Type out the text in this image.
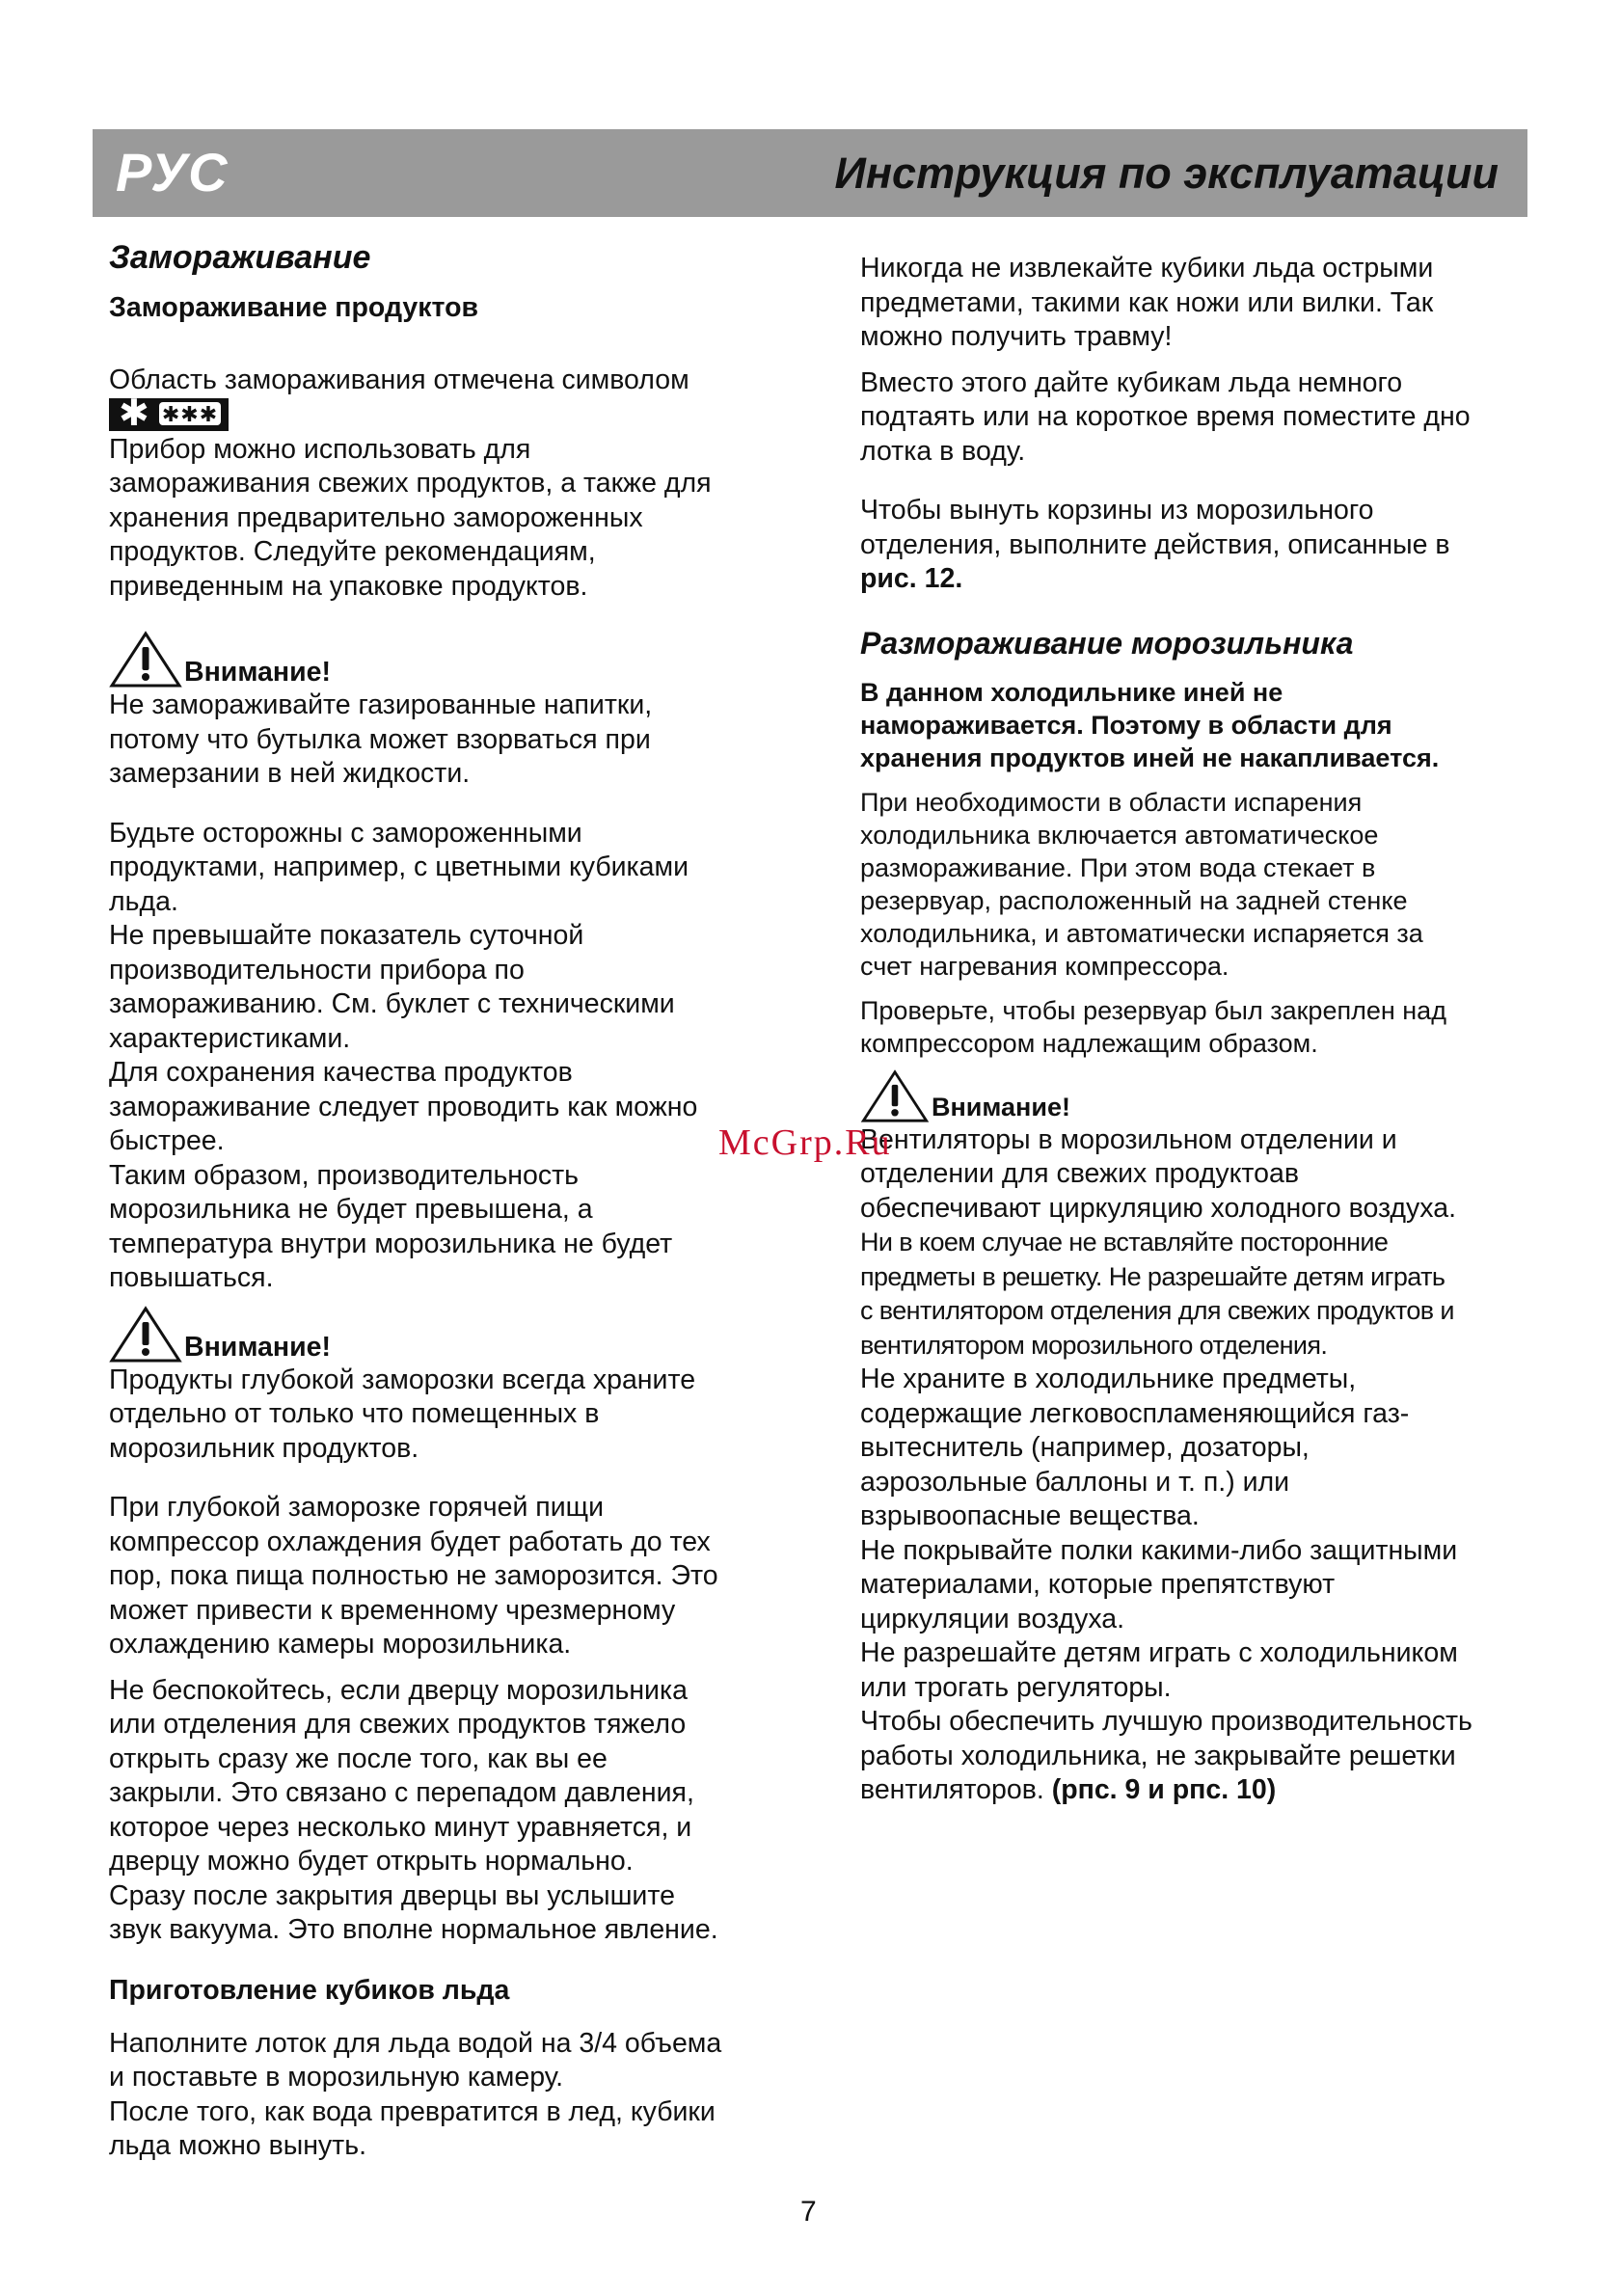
РУС	Инструкция по эксплуатации
Замораживание
Замораживание продуктов

Область замораживания отмечена символом

✱ ✱✱✱

Прибор можно использовать для

замораживания свежих продуктов, а также для

хранения предварительно замороженных

продуктов. Следуйте рекомендациям,

приведенным на упаковке продуктов.

Внимание!

Не замораживайте газированные напитки,

потому что бутылка может взорваться при

замерзании в ней жидкости.

Будьте осторожны с замороженными

продуктами, например, с цветными кубиками

льда.

Не превышайте показатель суточной

производительности прибора по

замораживанию. См. буклет с техническими

характеристиками.

Для сохранения качества продуктов

замораживание следует проводить как можно

быстрее.

Таким образом, производительность

морозильника не будет превышена, а

температура внутри морозильника не будет

повышаться.

Внимание!

Продукты глубокой заморозки всегда храните

отдельно от только что помещенных в

морозильник продуктов.

При глубокой заморозке горячей пищи

компрессор охлаждения будет работать до тех

пор, пока пища полностью не заморозится. Это

может привести к временному чрезмерному

охлаждению камеры морозильника.

Не беспокойтесь, если дверцу морозильника

или отделения для свежих продуктов тяжело

открыть сразу же после того, как вы ее

закрыли. Это связано с перепадом давления,

которое через несколько минут уравняется, и

дверцу можно будет открыть нормально.

Сразу после закрытия дверцы вы услышите

звук вакуума. Это вполне нормальное явление.

Приготовление кубиков льда

Наполните лоток для льда водой на 3/4 объема

и поставьте в морозильную камеру.

После того, как вода превратится в лед, кубики

льда можно вынуть.

Никогда не извлекайте кубики льда острыми

предметами, такими как ножи или вилки. Так

можно получить травму!

Вместо этого дайте кубикам льда немного

подтаять или на короткое время поместите дно

лотка в воду.

Чтобы вынуть корзины из морозильного

отделения, выполните действия, описанные в

рис. 12.

Размораживание морозильника

В данном холодильнике иней не

намораживается. Поэтому в области для

хранения продуктов иней не накапливается.

При необходимости в области испарения

холодильника включается автоматическое

размораживание. При этом вода стекает в

резервуар, расположенный на задней стенке

холодильника, и автоматически испаряется за

счет нагревания компрессора.

Проверьте, чтобы резервуар был закреплен над

компрессором надлежащим образом.

Внимание!

Вентиляторы в морозильном отделении и

отделении для свежих продуктоав

обеспечивают циркуляцию холодного воздуха.

Ни в коем случае не вставляйте посторонние

предметы в решетку. Не разрешайте детям играть

с вентилятором отделения для свежих продуктов и

вентилятором морозильного отделения.

Не храните в холодильнике предметы,

содержащие легковоспламеняющийся газ-

вытеснитель (например, дозаторы,

аэрозольные баллоны и т. п.) или

взрывоопасные вещества.

Не покрывайте полки какими-либо защитными

материалами, которые препятствуют

циркуляции воздуха.

Не разрешайте детям играть с холодильником

или трогать регуляторы.

Чтобы обеспечить лучшую производительность

работы холодильника, не закрывайте решетки

вентиляторов. (рпс. 9 и рпс. 10)

McGrp.Ru
7
